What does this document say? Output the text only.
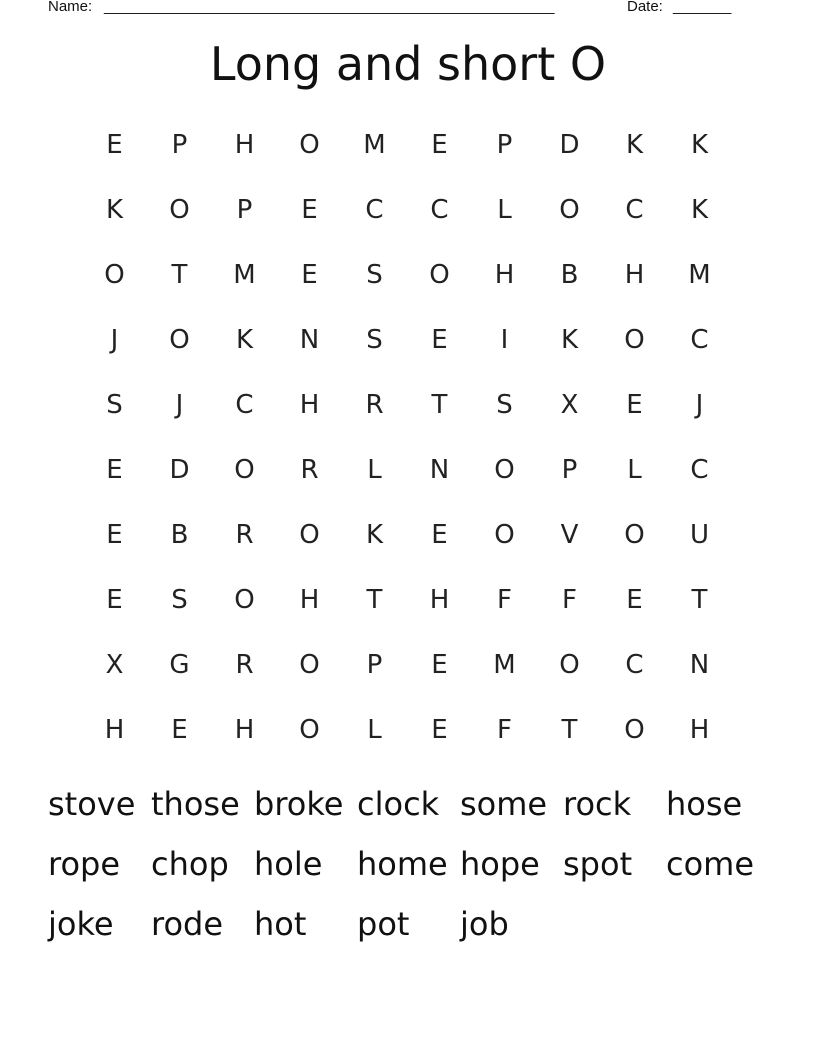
Name: ______________________________________________________	Date: _______
Long and short O
E	P	H	O	M	E	P	D	K	K
K	O	P	E	C	C	L	O	C	K
O	T	M	E	S	O	H	B	H	M
J	O	K	N	S	E	I	K	O	C
S	J	C	H	R	T	S	X	E	J
E	D	O	R	L	N	O	P	L	C
E	B	R	O	K	E	O	V	O	U
E	S	O	H	T	H	F	F	E	T
X	G	R	O	P	E	M	O	C	N
H	E	H	O	L	E	F	T	O	H
stove those broke clock some rock	hose
rope chop hole	home hope spot	come
joke	rode hot	pot	job
